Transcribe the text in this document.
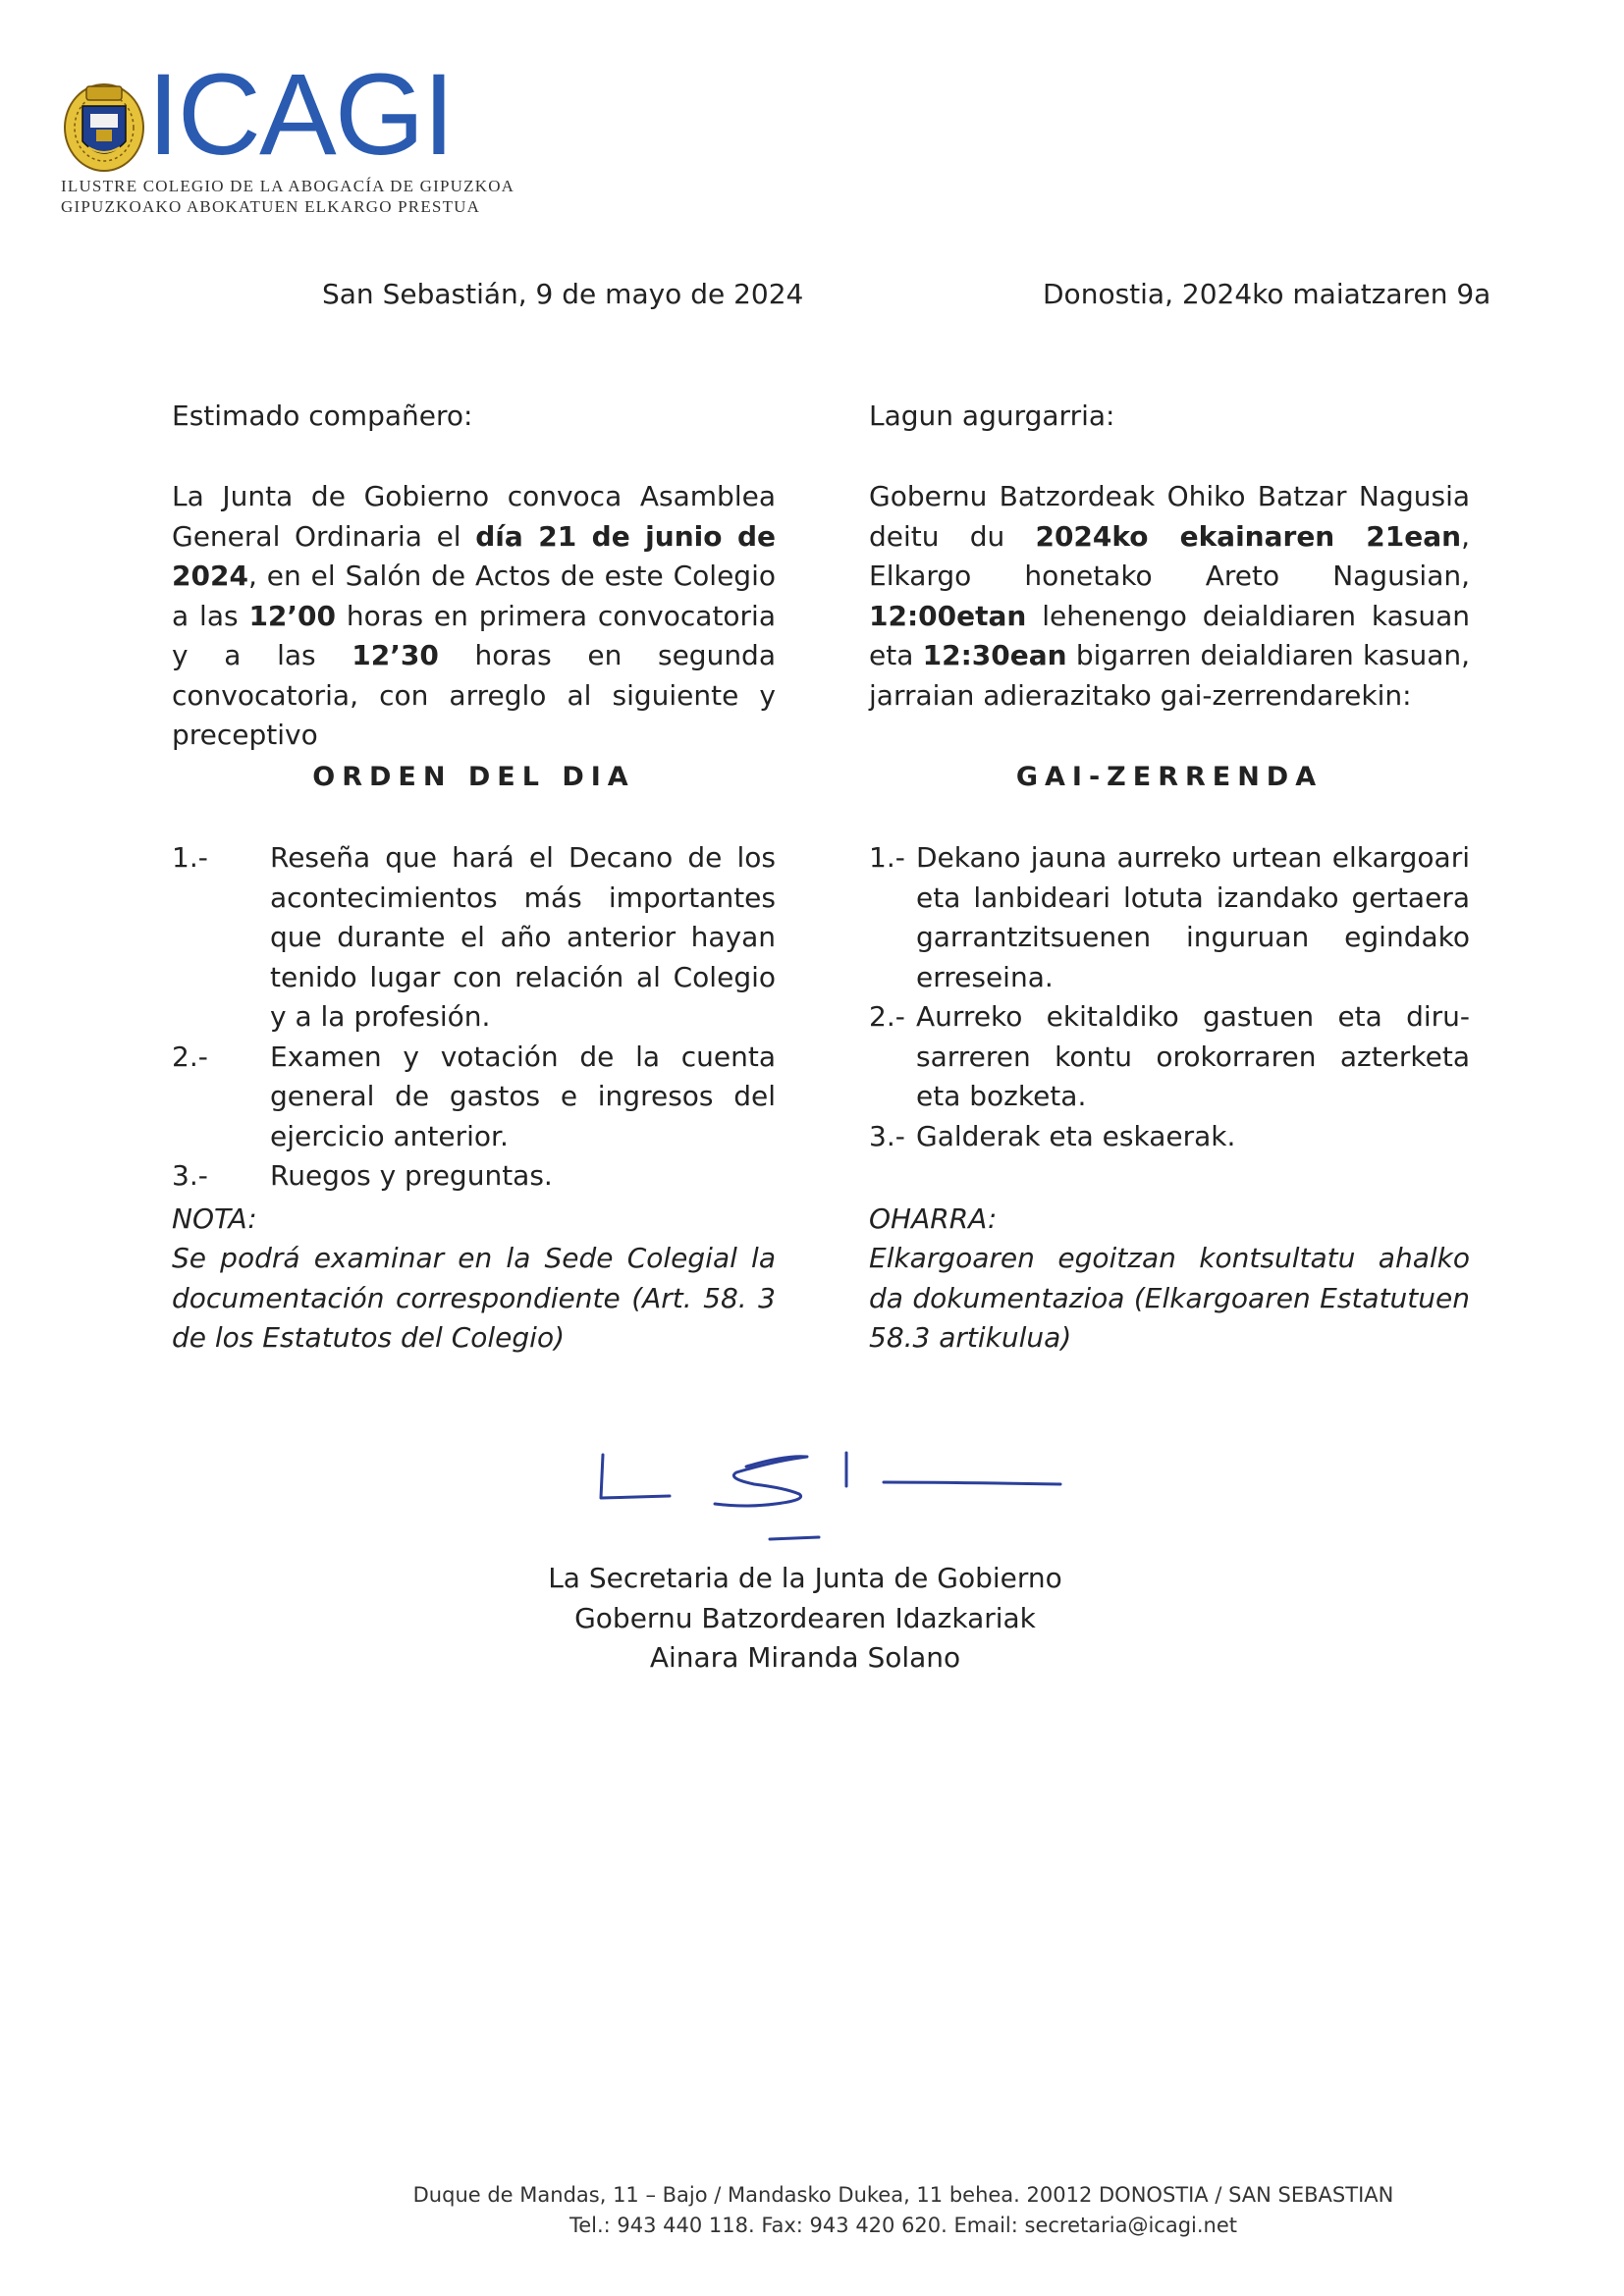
ICAGI
ILUSTRE COLEGIO DE LA ABOGACÍA DE GIPUZKOA
GIPUZKOAKO ABOKATUEN ELKARGO PRESTUA
San Sebastián, 9 de mayo de 2024	Donostia, 2024ko maiatzaren 9a
Estimado compañero:
La Junta de Gobierno convoca Asamblea General Ordinaria el día 21 de junio de 2024, en el Salón de Actos de este Colegio a las 12’00 horas en primera convocatoria y a las 12’30 horas en segunda convocatoria, con arreglo al siguiente y preceptivo
ORDEN DEL DIA
1.-	Reseña que hará el Decano de los acontecimientos más importantes que durante el año anterior hayan tenido lugar con relación al Colegio y a la profesión.
2.-	Examen y votación de la cuenta general de gastos e ingresos del ejercicio anterior.
3.-	Ruegos y preguntas.
NOTA:
Se podrá examinar en la Sede Colegial la documentación correspondiente (Art. 58. 3 de los Estatutos del Colegio)
Lagun agurgarria:
Gobernu Batzordeak Ohiko Batzar Nagusia deitu du 2024ko ekainaren 21ean, Elkargo honetako Areto Nagusian, 12:00etan lehenengo deialdiaren kasuan eta 12:30ean bigarren deialdiaren kasuan, jarraian adierazitako gai-zerrendarekin:
GAI-ZERRENDA
1.- Dekano jauna aurreko urtean elkargoari eta lanbideari lotuta izandako gertaera garrantzitsuenen inguruan egindako erreseina.
2.- Aurreko ekitaldiko gastuen eta diru-sarreren kontu orokorraren azterketa eta bozketa.
3.- Galderak eta eskaerak.
OHARRA:
Elkargoaren egoitzan kontsultatu ahalko da dokumentazioa (Elkargoaren Estatutuen 58.3 artikulua)
La Secretaria de la Junta de Gobierno
Gobernu Batzordearen Idazkariak
Ainara Miranda Solano
Duque de Mandas, 11 – Bajo / Mandasko Dukea, 11 behea. 20012 DONOSTIA / SAN SEBASTIAN
Tel.: 943 440 118. Fax: 943 420 620. Email: secretaria@icagi.net
